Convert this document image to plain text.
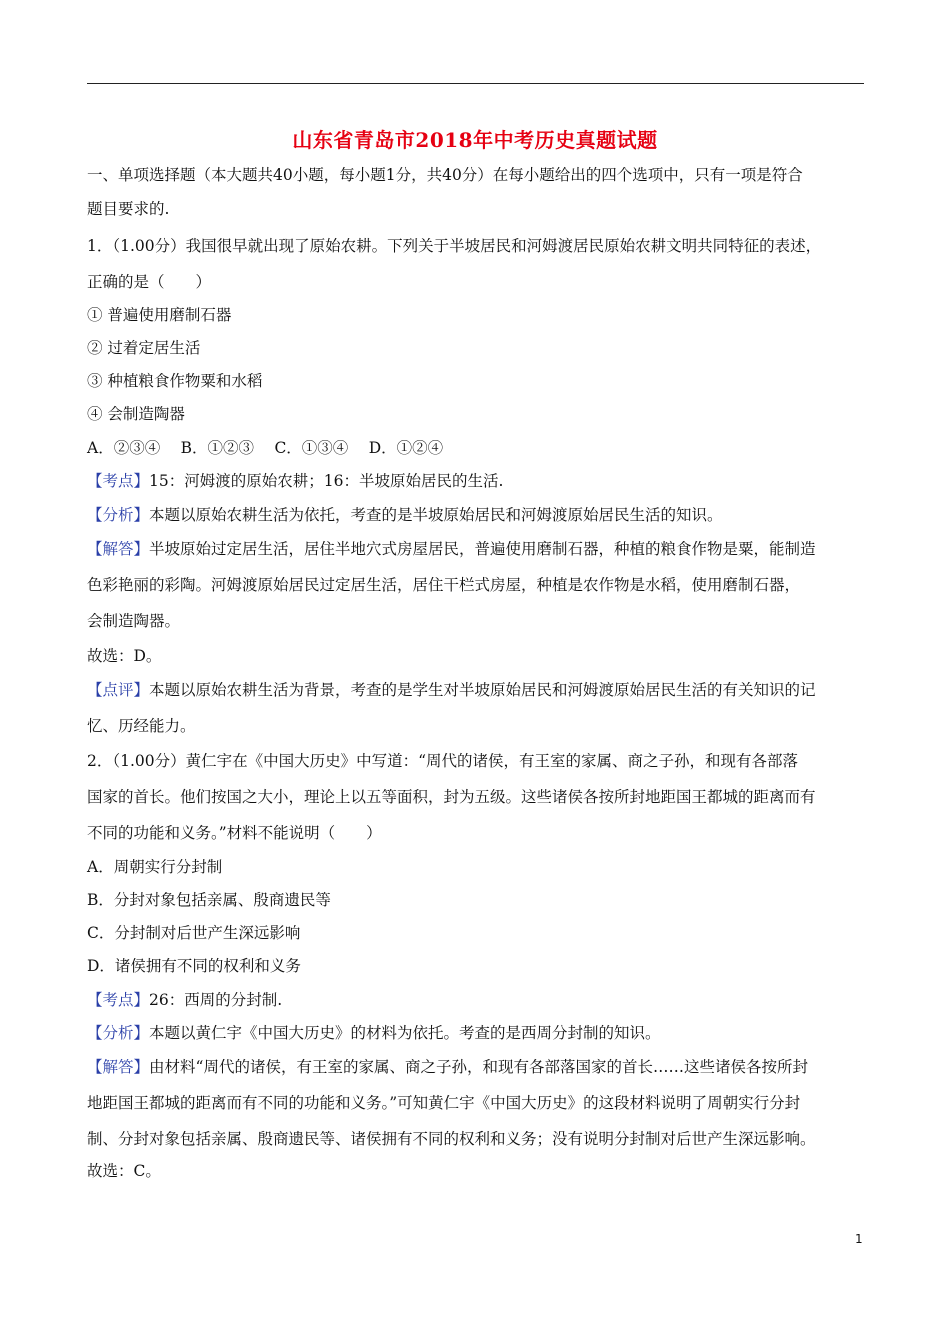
山东省青岛市2018年中考历史真题试题
一、单项选择题（本大题共40小题，每小题1分，共40分）在每小题给出的四个选项中，只有一项是符合
题目要求的.
1．（1.00分）我国很早就出现了原始农耕。下列关于半坡居民和河姆渡居民原始农耕文明共同特征的表述，
正确的是（　　）
① 普遍使用磨制石器
② 过着定居生活
③ 种植粮食作物粟和水稻
④ 会制造陶器
A．②③④　 B．①②③　 C．①③④　 D．①②④
【考点】15：河姆渡的原始农耕；16：半坡原始居民的生活.
【分析】本题以原始农耕生活为依托，考查的是半坡原始居民和河姆渡原始居民生活的知识。
【解答】半坡原始过定居生活，居住半地穴式房屋居民，普遍使用磨制石器，种植的粮食作物是粟，能制造
色彩艳丽的彩陶。河姆渡原始居民过定居生活，居住干栏式房屋，种植是农作物是水稻，使用磨制石器，
会制造陶器。
故选：D。
【点评】本题以原始农耕生活为背景，考查的是学生对半坡原始居民和河姆渡原始居民生活的有关知识的记
忆、历经能力。
2．（1.00分）黄仁宇在《中国大历史》中写道：“周代的诸侯，有王室的家属、商之子孙，和现有各部落
国家的首长。他们按国之大小，理论上以五等面积，封为五级。这些诸侯各按所封地距国王都城的距离而有
不同的功能和义务。”材料不能说明（　　）
A．周朝实行分封制
B．分封对象包括亲属、殷商遗民等
C．分封制对后世产生深远影响
D．诸侯拥有不同的权利和义务
【考点】26：西周的分封制.
【分析】本题以黄仁宇《中国大历史》的材料为依托。考查的是西周分封制的知识。
【解答】由材料“周代的诸侯，有王室的家属、商之子孙，和现有各部落国家的首长……这些诸侯各按所封
地距国王都城的距离而有不同的功能和义务。”可知黄仁宇《中国大历史》的这段材料说明了周朝实行分封
制、分封对象包括亲属、殷商遗民等、诸侯拥有不同的权利和义务；没有说明分封制对后世产生深远影响。
故选：C。
1
